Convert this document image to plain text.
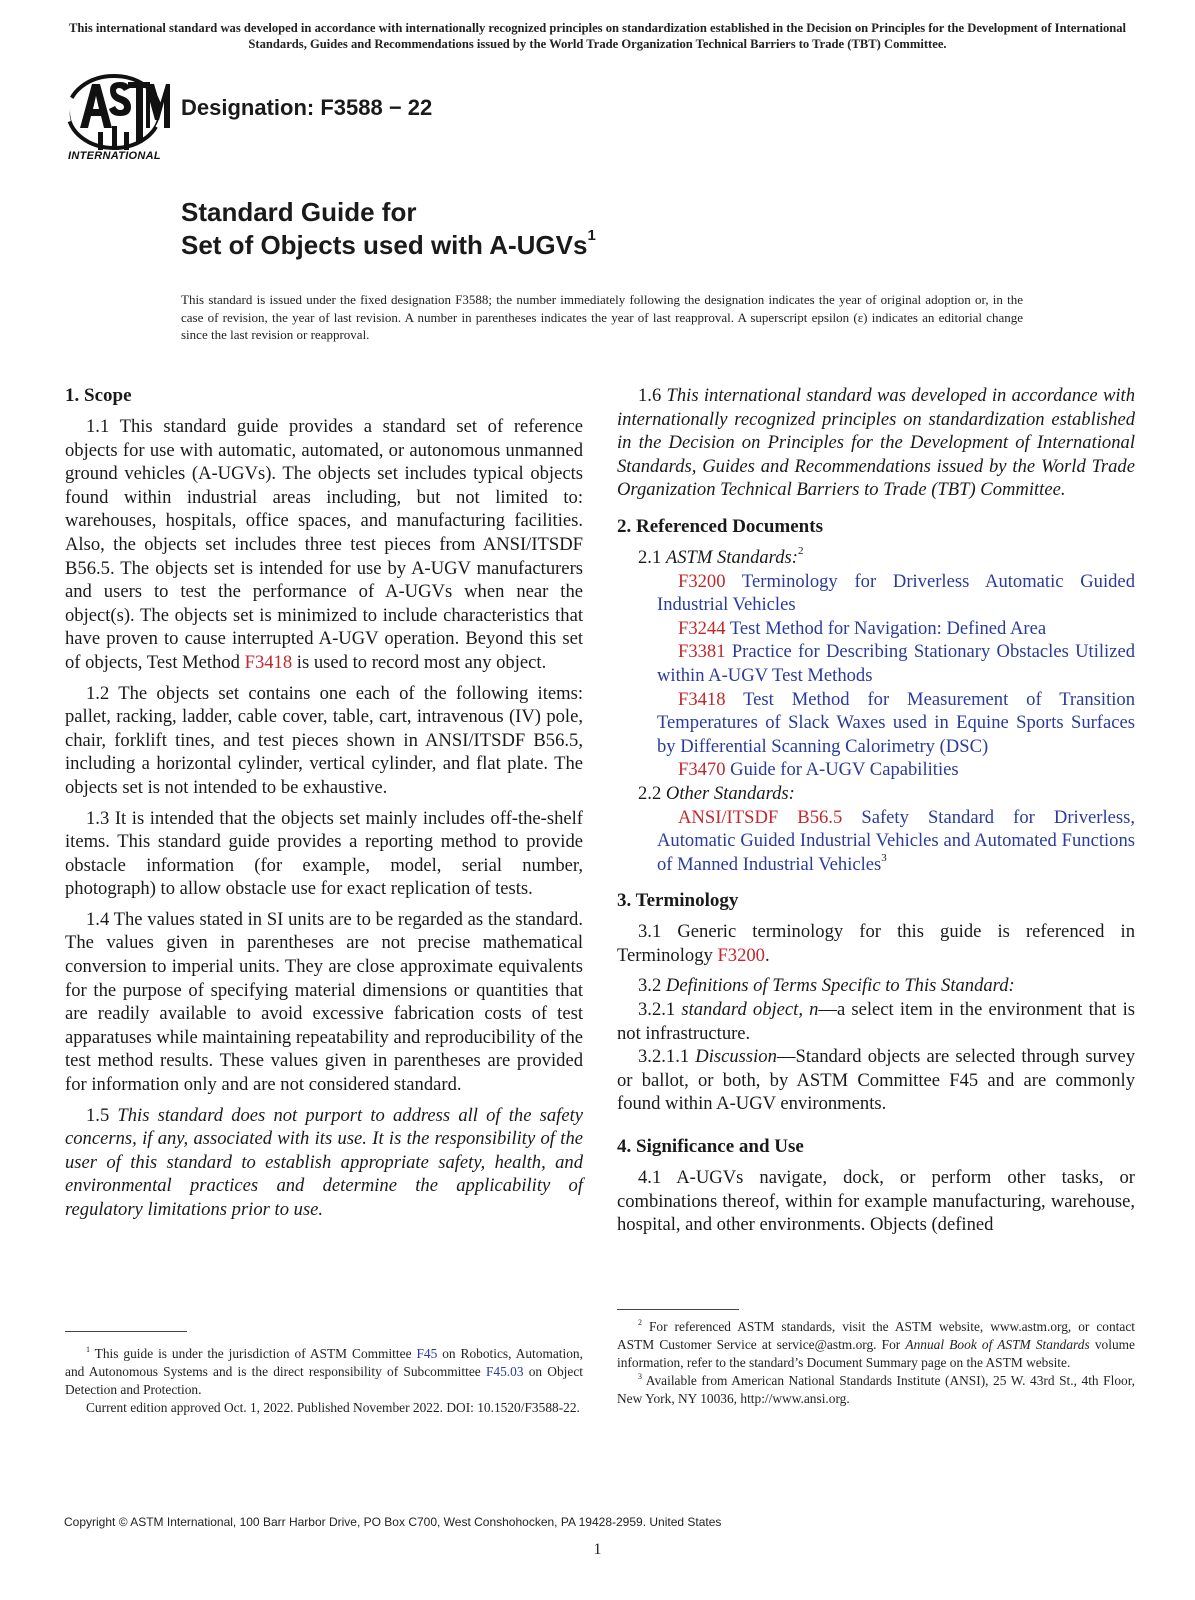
This international standard was developed in accordance with internationally recognized principles on standardization established in the Decision on Principles for the Development of International Standards, Guides and Recommendations issued by the World Trade Organization Technical Barriers to Trade (TBT) Committee.
INTERNATIONAL
Designation: F3588 − 22
Standard Guide for
Set of Objects used with A-UGVs$^1$
This standard is issued under the fixed designation F3588; the number immediately following the designation indicates the year of original adoption or, in the case of revision, the year of last revision. A number in parentheses indicates the year of last reapproval. A superscript epsilon (ε) indicates an editorial change since the last revision or reapproval.
1. Scope

1.1 This standard guide provides a standard set of reference objects for use with automatic, automated, or autonomous unmanned ground vehicles (A-UGVs). The objects set includes typical objects found within industrial areas including, but not limited to: warehouses, hospitals, office spaces, and manufacturing facilities. Also, the objects set includes three test pieces from ANSI/ITSDF B56.5. The objects set is intended for use by A-UGV manufacturers and users to test the performance of A-UGVs when near the object(s). The objects set is minimized to include characteristics that have proven to cause interrupted A-UGV operation. Beyond this set of objects, Test Method F3418 is used to record most any object.

1.2 The objects set contains one each of the following items: pallet, racking, ladder, cable cover, table, cart, intravenous (IV) pole, chair, forklift tines, and test pieces shown in ANSI/ITSDF B56.5, including a horizontal cylinder, vertical cylinder, and flat plate. The objects set is not intended to be exhaustive.

1.3 It is intended that the objects set mainly includes off-the-shelf items. This standard guide provides a reporting method to provide obstacle information (for example, model, serial number, photograph) to allow obstacle use for exact replication of tests.

1.4 The values stated in SI units are to be regarded as the standard. The values given in parentheses are not precise mathematical conversion to imperial units. They are close approximate equivalents for the purpose of specifying material dimensions or quantities that are readily available to avoid excessive fabrication costs of test apparatuses while maintaining repeatability and reproducibility of the test method results. These values given in parentheses are provided for information only and are not considered standard.

1.5 This standard does not purport to address all of the safety concerns, if any, associated with its use. It is the responsibility of the user of this standard to establish appropriate safety, health, and environmental practices and determine the applicability of regulatory limitations prior to use.

1.6 This international standard was developed in accordance with internationally recognized principles on standardization established in the Decision on Principles for the Development of International Standards, Guides and Recommendations issued by the World Trade Organization Technical Barriers to Trade (TBT) Committee.

2. Referenced Documents

2.1 ASTM Standards:$^2$

F3200 Terminology for Driverless Automatic Guided Industrial Vehicles

F3244 Test Method for Navigation: Defined Area

F3381 Practice for Describing Stationary Obstacles Utilized within A-UGV Test Methods

F3418 Test Method for Measurement of Transition Temperatures of Slack Waxes used in Equine Sports Surfaces by Differential Scanning Calorimetry (DSC)

F3470 Guide for A-UGV Capabilities

2.2 Other Standards:

ANSI/ITSDF B56.5 Safety Standard for Driverless, Automatic Guided Industrial Vehicles and Automated Functions of Manned Industrial Vehicles$^3$

3. Terminology

3.1 Generic terminology for this guide is referenced in Terminology F3200.

3.2 Definitions of Terms Specific to This Standard:

3.2.1 standard object, n—a select item in the environment that is not infrastructure.

3.2.1.1 Discussion—Standard objects are selected through survey or ballot, or both, by ASTM Committee F45 and are commonly found within A-UGV environments.

4. Significance and Use

4.1 A-UGVs navigate, dock, or perform other tasks, or combinations thereof, within for example manufacturing, warehouse, hospital, and other environments. Objects (defined

$^1$ This guide is under the jurisdiction of ASTM Committee F45 on Robotics, Automation, and Autonomous Systems and is the direct responsibility of Subcommittee F45.03 on Object Detection and Protection.

Current edition approved Oct. 1, 2022. Published November 2022. DOI: 10.1520/F3588-22.

$^2$ For referenced ASTM standards, visit the ASTM website, www.astm.org, or contact ASTM Customer Service at service@astm.org. For Annual Book of ASTM Standards volume information, refer to the standard’s Document Summary page on the ASTM website.

$^3$ Available from American National Standards Institute (ANSI), 25 W. 43rd St., 4th Floor, New York, NY 10036, http://www.ansi.org.

Copyright © ASTM International, 100 Barr Harbor Drive, PO Box C700, West Conshohocken, PA 19428-2959. United States
1
